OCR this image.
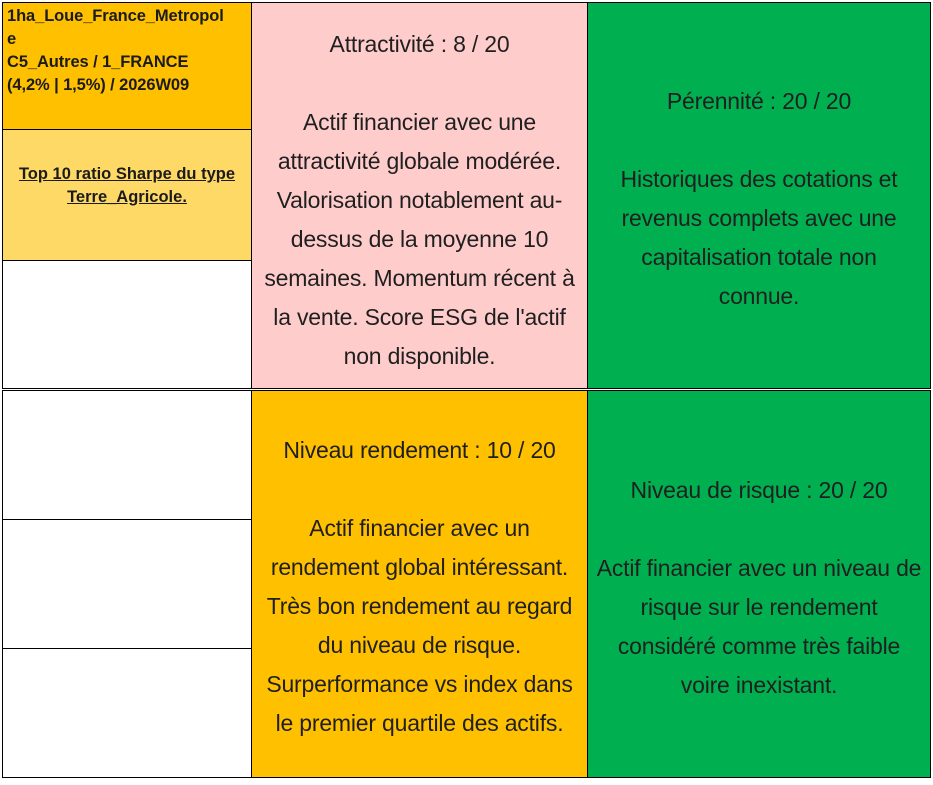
1ha_Loue_France_Metropol
e
C5_Autres / 1_FRANCE
(4,2% | 1,5%) / 2026W09
Top 10 ratio Sharpe du type
Terre_Agricole.
Attractivité : 8 / 20
Actif financier avec une
attractivité globale modérée.
Valorisation notablement au-
dessus de la moyenne 10
semaines. Momentum récent à
la vente. Score ESG de l'actif
non disponible.
Pérennité : 20 / 20
Historiques des cotations et
revenus complets avec une
capitalisation totale non
connue.
Niveau rendement : 10 / 20
Actif financier avec un
rendement global intéressant.
Très bon rendement au regard
du niveau de risque.
Surperformance vs index dans
le premier quartile des actifs.
Niveau de risque : 20 / 20
Actif financier avec un niveau de
risque sur le rendement
considéré comme très faible
voire inexistant.
